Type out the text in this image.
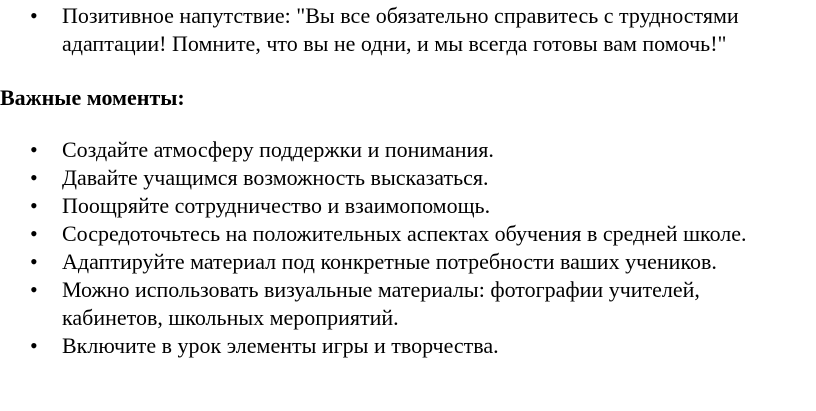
• Позитивное напутствие: "Вы все обязательно справитесь с трудностями адаптации! Помните, что вы не одни, и мы всегда готовы вам помочь!"
Важные моменты:
• Создайте атмосферу поддержки и понимания.
• Давайте учащимся возможность высказаться.
• Поощряйте сотрудничество и взаимопомощь.
• Сосредоточьтесь на положительных аспектах обучения в средней школе.
• Адаптируйте материал под конкретные потребности ваших учеников.
• Можно использовать визуальные материалы: фотографии учителей, кабинетов, школьных мероприятий.
• Включите в урок элементы игры и творчества.
